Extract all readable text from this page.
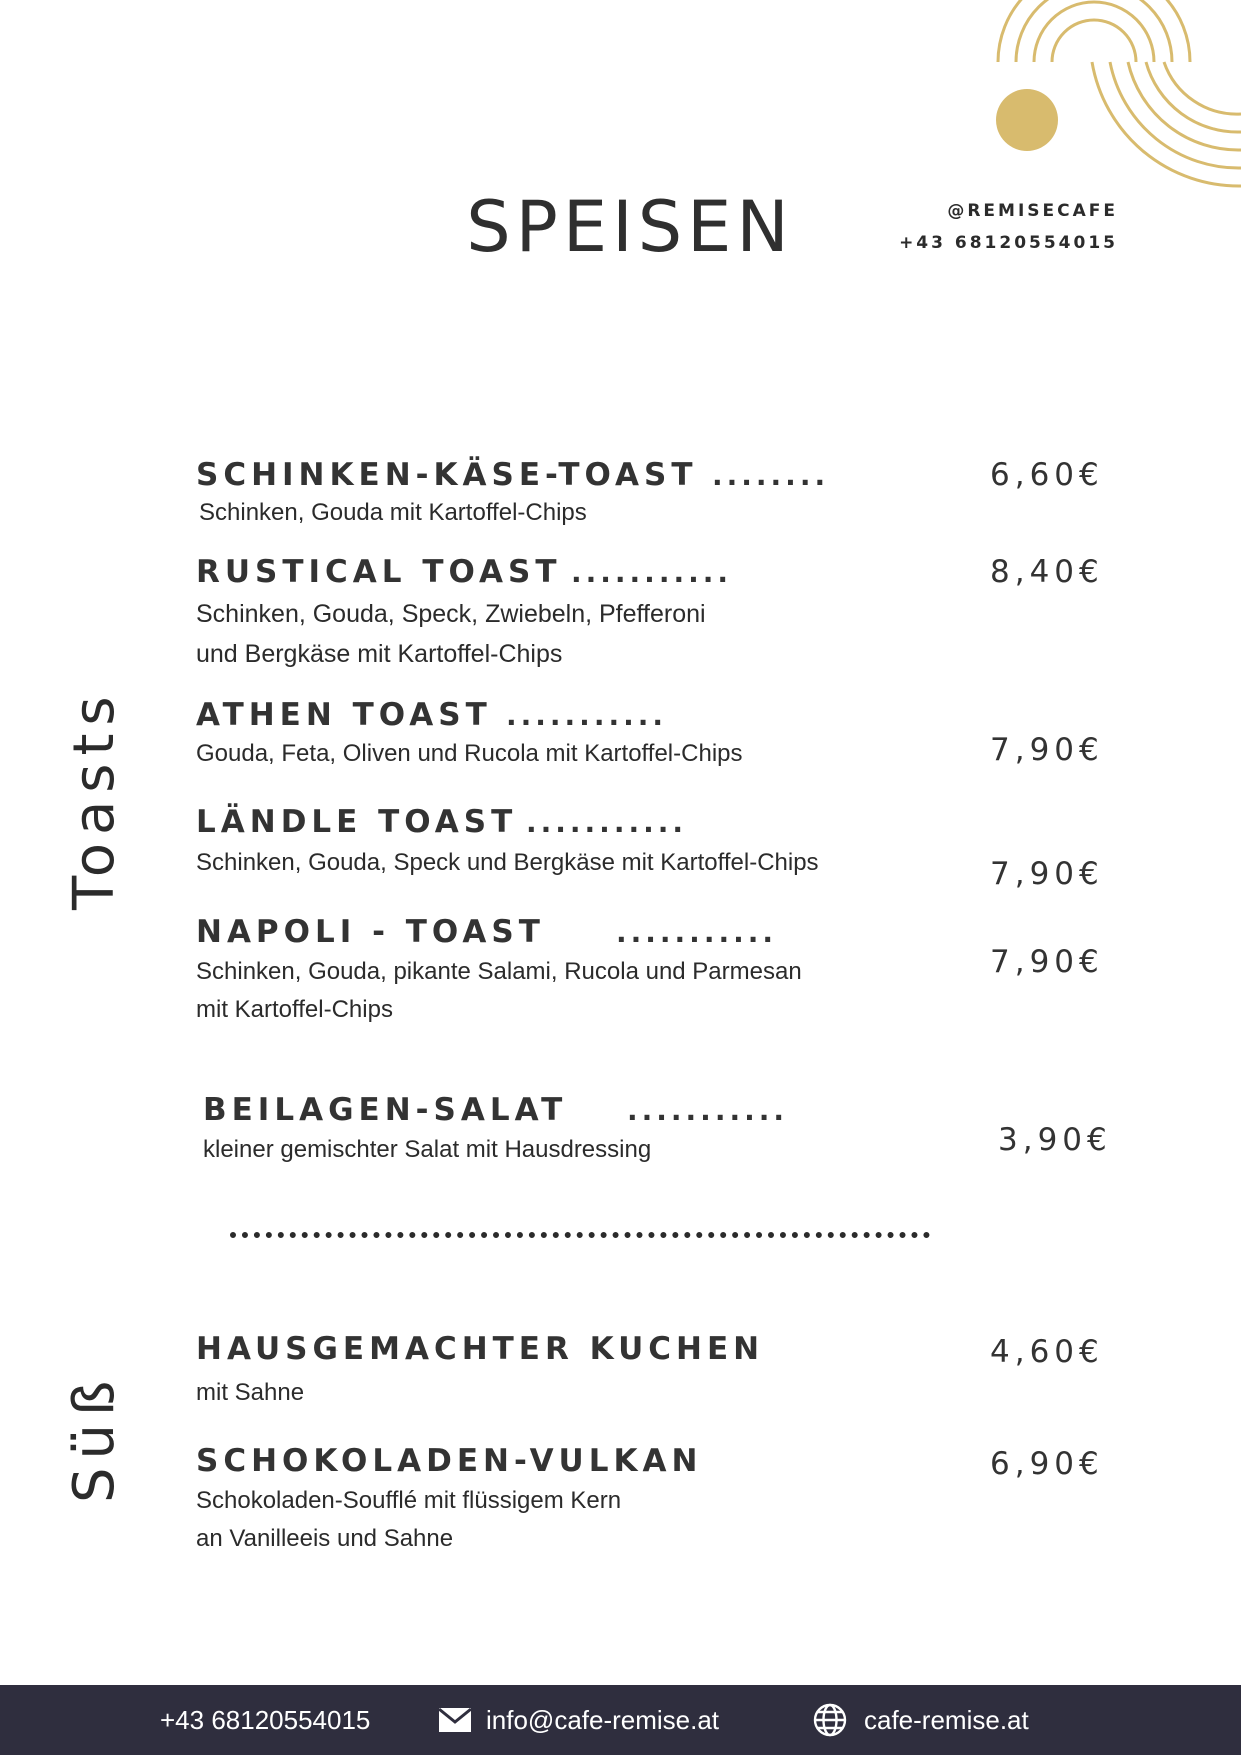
SPEISEN	@REMISECAFE
+43 68120554015
Toasts
Süß
SCHINKEN-KÄSE-TOAST ........
Schinken, Gouda mit Kartoffel-Chips
6,60€
RUSTICAL TOAST ...........
Schinken, Gouda, Speck, Zwiebeln, Pfefferoni
und Bergkäse mit Kartoffel-Chips
8,40€
ATHEN TOAST ...........
Gouda, Feta, Oliven und Rucola mit Kartoffel-Chips	7,90€
LÄNDLE TOAST ...........
Schinken, Gouda, Speck und Bergkäse mit Kartoffel-Chips	7,90€
NAPOLI - TOAST	...........
Schinken, Gouda, pikante Salami, Rucola und Parmesan
mit Kartoffel-Chips
7,90€
BEILAGEN-SALAT ...........
kleiner gemischter Salat mit Hausdressing	3,90€
HAUSGEMACHTER KUCHEN
mit Sahne
4,60€
SCHOKOLADEN-VULKAN
Schokoladen-Soufflé mit flüssigem Kern
an Vanilleeis und Sahne
6,90€
+43 68120554015	info@cafe-remise.at	cafe-remise.at
